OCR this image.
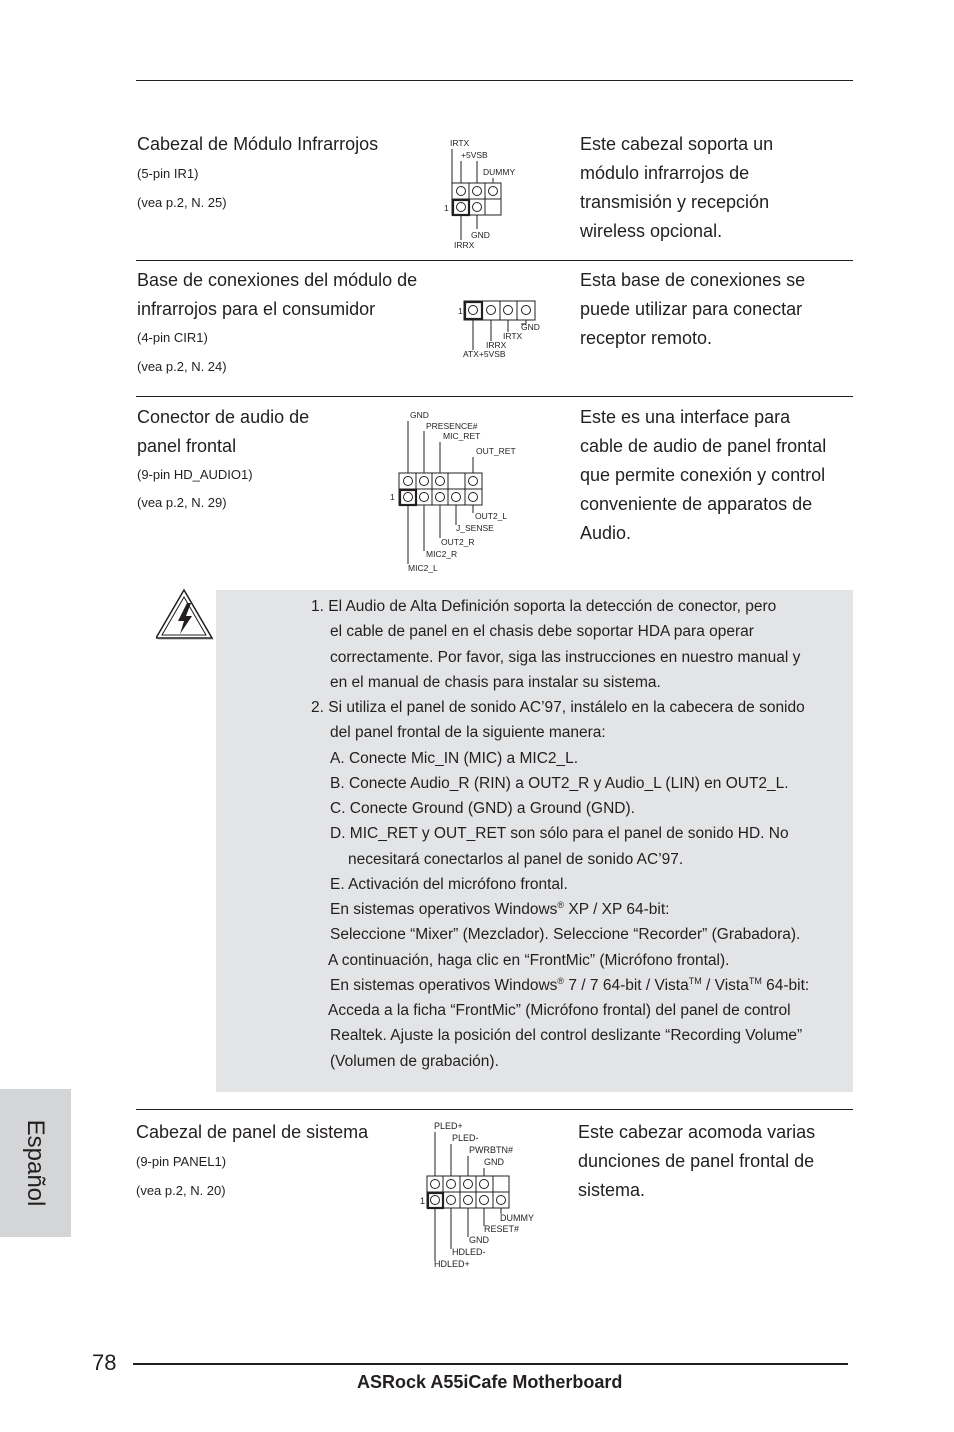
Cabezal de Módulo Infrarrojos
(5-pin IR1)
(vea p.2, N. 25)
Este cabezal soporta un
módulo infrarrojos de
transmisión y recepción
wireless opcional.
IRTX
+5VSB
DUMMY
GND
IRRX
1
Base de conexiones del módulo de
infrarrojos para el consumidor
(4-pin CIR1)
(vea p.2, N. 24)
Esta base de conexiones se
puede utilizar para conectar
receptor remoto.
GND
IRTX
IRRX
ATX+5VSB
1
Conector de audio de
panel frontal
(9-pin HD_AUDIO1)
(vea p.2, N. 29)
Este es una interface para
cable de audio de panel frontal
que permite conexión y control
conveniente de apparatos de
Audio.
GND
PRESENCE#
MIC_RET
OUT_RET
OUT2_L
J_SENSE
OUT2_R
MIC2_R
MIC2_L
1
1. El Audio de Alta Definición soporta la detección de conector, pero
el cable de panel en el chasis debe soportar HDA para operar
correctamente. Por favor, siga las instrucciones en nuestro manual y
en el manual de chasis para instalar su sistema.
2. Si utiliza el panel de sonido AC’97, instálelo en la cabecera de sonido
del panel frontal de la siguiente manera:
A. Conecte Mic_IN (MIC) a MIC2_L.
B. Conecte Audio_R (RIN) a OUT2_R y Audio_L (LIN) en OUT2_L.
C. Conecte Ground (GND) a Ground (GND).
D. MIC_RET y OUT_RET son sólo para el panel de sonido HD. No
necesitará conectarlos al panel de sonido AC’97.
E. Activación del micrófono frontal.
En sistemas operativos Windows® XP / XP 64-bit:
Seleccione “Mixer” (Mezclador). Seleccione “Recorder” (Grabadora).
A continuación, haga clic en “FrontMic” (Micrófono frontal).
En sistemas operativos Windows® 7 / 7 64-bit / Vista™ / Vista™ 64-bit:
Acceda a la ficha “FrontMic” (Micrófono frontal) del panel de control
Realtek. Ajuste la posición del control deslizante “Recording Volume”
(Volumen de grabación).
Cabezal de panel de sistema
(9-pin PANEL1)
(vea p.2, N. 20)
Este cabezar acomoda varias
dunciones de panel frontal de
sistema.
PLED+
PLED-
PWRBTN#
GND
DUMMY
RESET#
GND
HDLED-
HDLED+
1
Español
78
ASRock A55iCafe Motherboard
